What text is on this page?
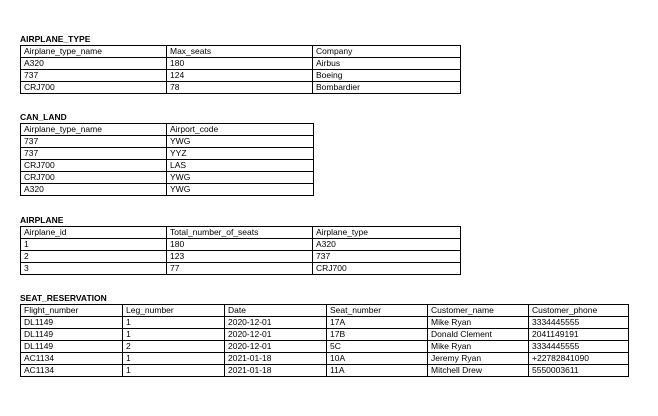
AIRPLANE_TYPE
Airplane_type_name	Max_seats	Company
A320	180	Airbus
737	124	Boeing
CRJ700	78	Bombardier
CAN_LAND
Airplane_type_name	Airport_code
737	YWG
737	YYZ
CRJ700	LAS
CRJ700	YWG
A320	YWG
AIRPLANE
Airplane_id	Total_number_of_seats	Airplane_type
1	180	A320
2	123	737
3	77	CRJ700
SEAT_RESERVATION
Flight_number	Leg_number	Date	Seat_number	Customer_name	Customer_phone
DL1149	1	2020-12-01	17A	Mike Ryan	3334445555
DL1149	1	2020-12-01	17B	Donald Clement	2041149191
DL1149	2	2020-12-01	5C	Mike Ryan	3334445555
AC1134	1	2021-01-18	10A	Jeremy Ryan	+22782841090
AC1134	1	2021-01-18	11A	Mitchell Drew	5550003611
